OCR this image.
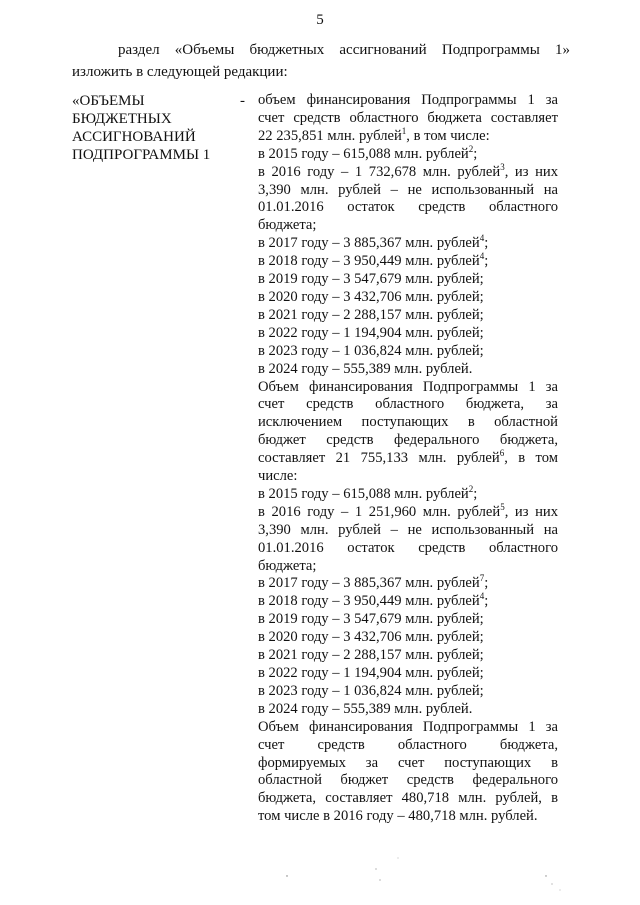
5
раздел «Объемы бюджетных ассигнований Подпрограммы 1»
изложить в следующей редакции:
«ОБЪЕМЫ
БЮДЖЕТНЫХ
АССИГНОВАНИЙ
ПОДПРОГРАММЫ 1
- объем финансирования Подпрограммы 1 за
счет средств областного бюджета составляет
22 235,851 млн. рублей$^1$, в том числе:
в 2015 году – 615,088 млн. рублей$^2$;
в 2016 году – 1 732,678 млн. рублей$^3$, из них
3,390 млн. рублей – не использованный на
01.01.2016 остаток средств областного
бюджета;
в 2017 году – 3 885,367 млн. рублей$^4$;
в 2018 году – 3 950,449 млн. рублей$^4$;
в 2019 году – 3 547,679 млн. рублей;
в 2020 году – 3 432,706 млн. рублей;
в 2021 году – 2 288,157 млн. рублей;
в 2022 году – 1 194,904 млн. рублей;
в 2023 году – 1 036,824 млн. рублей;
в 2024 году – 555,389 млн. рублей.
Объем финансирования Подпрограммы 1 за
счет средств областного бюджета, за
исключением поступающих в областной
бюджет средств федерального бюджета,
составляет 21 755,133 млн. рублей$^6$, в том
числе:
в 2015 году – 615,088 млн. рублей$^2$;
в 2016 году – 1 251,960 млн. рублей$^5$, из них
3,390 млн. рублей – не использованный на
01.01.2016 остаток средств областного
бюджета;
в 2017 году – 3 885,367 млн. рублей$^7$;
в 2018 году – 3 950,449 млн. рублей$^4$;
в 2019 году – 3 547,679 млн. рублей;
в 2020 году – 3 432,706 млн. рублей;
в 2021 году – 2 288,157 млн. рублей;
в 2022 году – 1 194,904 млн. рублей;
в 2023 году – 1 036,824 млн. рублей;
в 2024 году – 555,389 млн. рублей.
Объем финансирования Подпрограммы 1 за
счет средств областного бюджета,
формируемых за счет поступающих в
областной бюджет средств федерального
бюджета, составляет 480,718 млн. рублей, в
том числе в 2016 году – 480,718 млн. рублей.
